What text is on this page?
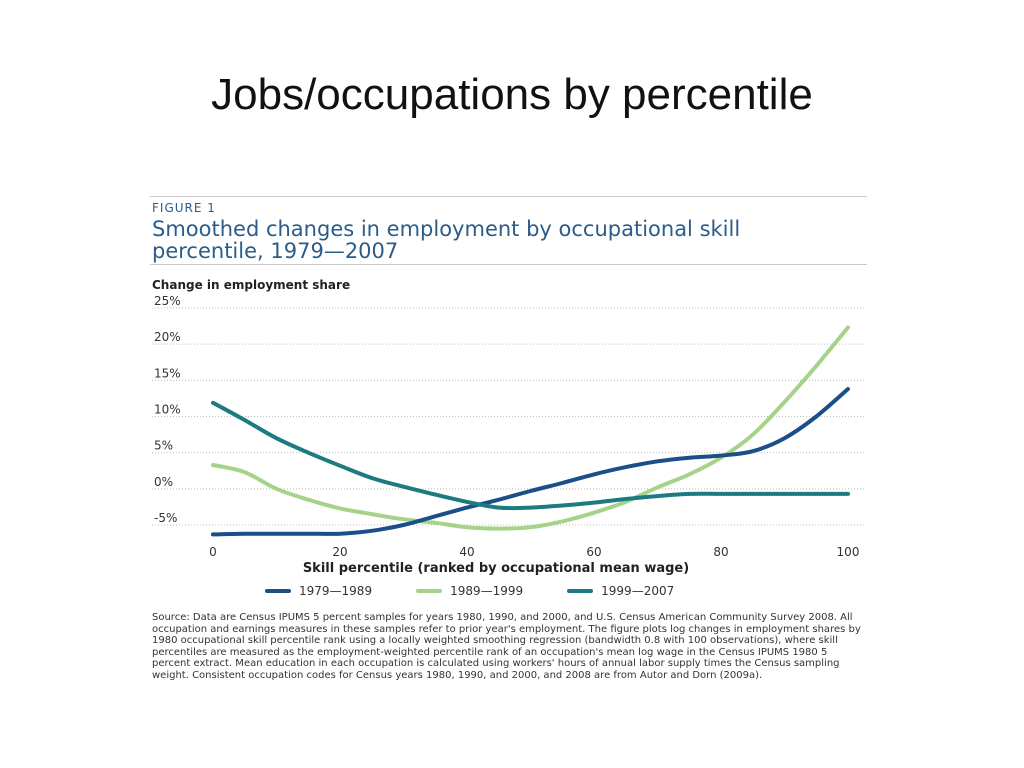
Jobs/occupations by percentile
FIGURE 1
Smoothed changes in employment by occupational skill percentile, 1979—2007
Change in employment share
-5%
0%
5%
10%
15%
20%
25%
0	20	40	60	80	100
Skill percentile (ranked by occupational mean wage)
1979—1989	1989—1999	1999—2007
Source: Data are Census IPUMS 5 percent samples for years 1980, 1990, and 2000, and U.S. Census American Community Survey 2008. All occupation and earnings measures in these samples refer to prior year's employment. The figure plots log changes in employment shares by 1980 occupational skill percentile rank using a locally weighted smoothing regression (bandwidth 0.8 with 100 observations), where skill percentiles are measured as the employment-weighted percentile rank of an occupation's mean log wage in the Census IPUMS 1980 5 percent extract. Mean education in each occupation is calculated using workers' hours of annual labor supply times the Census sampling weight. Consistent occupation codes for Census years 1980, 1990, and 2000, and 2008 are from Autor and Dorn (2009a).
